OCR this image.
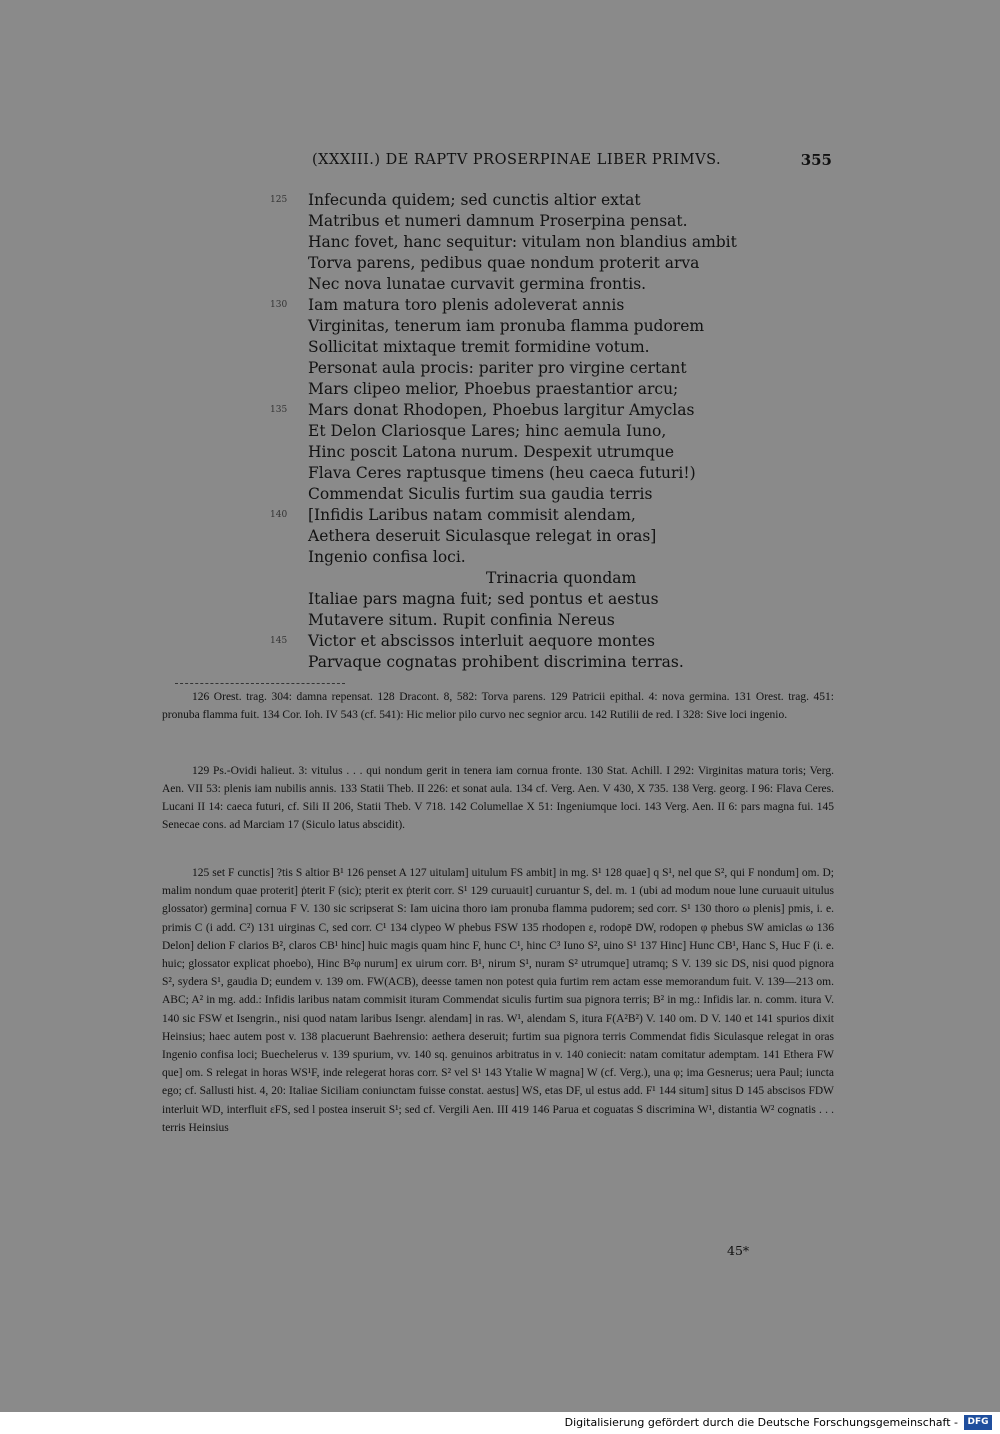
(XXXIII.) DE RAPTV PROSERPINAE LIBER PRIMVS.	355
125	Infecunda quidem; sed cunctis altior extat
Matribus et numeri damnum Proserpina pensat.
Hanc fovet, hanc sequitur: vitulam non blandius ambit
Torva parens, pedibus quae nondum proterit arva
Nec nova lunatae curvavit germina frontis.
130	Iam matura toro plenis adoleverat annis
Virginitas, tenerum iam pronuba flamma pudorem
Sollicitat mixtaque tremit formidine votum.
Personat aula procis: pariter pro virgine certant
Mars clipeo melior, Phoebus praestantior arcu;
135	Mars donat Rhodopen, Phoebus largitur Amyclas
Et Delon Clariosque Lares; hinc aemula Iuno,
Hinc poscit Latona nurum. Despexit utrumque
Flava Ceres raptusque timens (heu caeca futuri!)
Commendat Siculis furtim sua gaudia terris
140	[Infidis Laribus natam commisit alendam,
Aethera deseruit Siculasque relegat in oras]
Ingenio confisa loci.
Trinacria quondam
Italiae pars magna fuit; sed pontus et aestus
Mutavere situm. Rupit confinia Nereus
145	Victor et abscissos interluit aequore montes
Parvaque cognatas prohibent discrimina terras.

126 Orest. trag. 304: damna repensat. 128 Dracont. 8, 582: Torva parens. 129 Patricii epithal. 4: nova germina. 131 Orest. trag. 451: pronuba flamma fuit. 134 Cor. Ioh. IV 543 (cf. 541): Hic melior pilo curvo nec segnior arcu. 142 Rutilii de red. I 328: Sive loci ingenio.

129 Ps.-Ovidi halieut. 3: vitulus . . . qui nondum gerit in tenera iam cornua fronte. 130 Stat. Achill. I 292: Virginitas matura toris; Verg. Aen. VII 53: plenis iam nubilis annis. 133 Statii Theb. II 226: et sonat aula. 134 cf. Verg. Aen. V 430, X 735. 138 Verg. georg. I 96: Flava Ceres. Lucani II 14: caeca futuri, cf. Sili II 206, Statii Theb. V 718. 142 Columellae X 51: Ingeniumque loci. 143 Verg. Aen. II 6: pars magna fui. 145 Senecae cons. ad Marciam 17 (Siculo latus abscidit).

125 set F cunctis] ?tis S altior B¹ 126 penset A 127 uitulam] uitulum FS ambit] in mg. S¹ 128 quae] q S¹, nel que S², qui F nondum] om. D; malim nondum quae proterit] ṗterit F (sic); pterit ex ṗterit corr. S¹ 129 curuauit] curuantur S, del. m. 1 (ubi ad modum noue lune curuauit uitulus glossator) germina] cornua F V. 130 sic scripserat S: Iam uicina thoro iam pronuba flamma pudorem; sed corr. S¹ 130 thoro ω plenis] pmis, i. e. primis C (i add. C²) 131 uirginas C, sed corr. C¹ 134 clypeo W phebus FSW 135 rhodopen ε, rodopē DW, rodopen φ phebus SW amiclas ω 136 Delon] delion F clarios B², claros CB¹ hinc] huic magis quam hinc F, hunc C¹, hinc C³ Iuno S², uino S¹ 137 Hinc] Hunc CB¹, Hanc S, Huc F (i. e. huic; glossator explicat phoebo), Hinc B²φ nurum] ex uirum corr. B¹, nirum S¹, nuram S² utrumque] utramq; S V. 139 sic DS, nisi quod pignora S², sydera S¹, gaudia D; eundem v. 139 om. FW(ACB), deesse tamen non potest quia furtim rem actam esse memorandum fuit. V. 139—213 om. ABC; A² in mg. add.: Infidis laribus natam commisit ituram Commendat siculis furtim sua pignora terris; B² in mg.: Infidis lar. n. comm. itura V. 140 sic FSW et Isengrin., nisi quod natam laribus Isengr. alendam] in ras. W¹, alendam S, itura F(A²B²) V. 140 om. D V. 140 et 141 spurios dixit Heinsius; haec autem post v. 138 placuerunt Baehrensio: aethera deseruit; furtim sua pignora terris Commendat fidis Siculasque relegat in oras Ingenio confisa loci; Buechelerus v. 139 spurium, vv. 140 sq. genuinos arbitratus in v. 140 coniecit: natam comitatur ademptam. 141 Ethera FW que] om. S relegat in horas WS¹F, inde relegerat horas corr. S² vel S¹ 143 Ytalie W magna] W (cf. Verg.), una φ; ima Gesnerus; uera Paul; iuncta ego; cf. Sallusti hist. 4, 20: Italiae Siciliam coniunctam fuisse constat. aestus] WS, etas DF, ul estus add. F¹ 144 situm] situs D 145 abscisos FDW interluit WD, interfluit εFS, sed l postea inseruit S¹; sed cf. Vergili Aen. III 419 146 Parua et coguatas S discrimina W¹, distantia W² cognatis . . . terris Heinsius

45*
Digitalisierung gefördert durch die Deutsche Forschungsgemeinschaft -	DFG
